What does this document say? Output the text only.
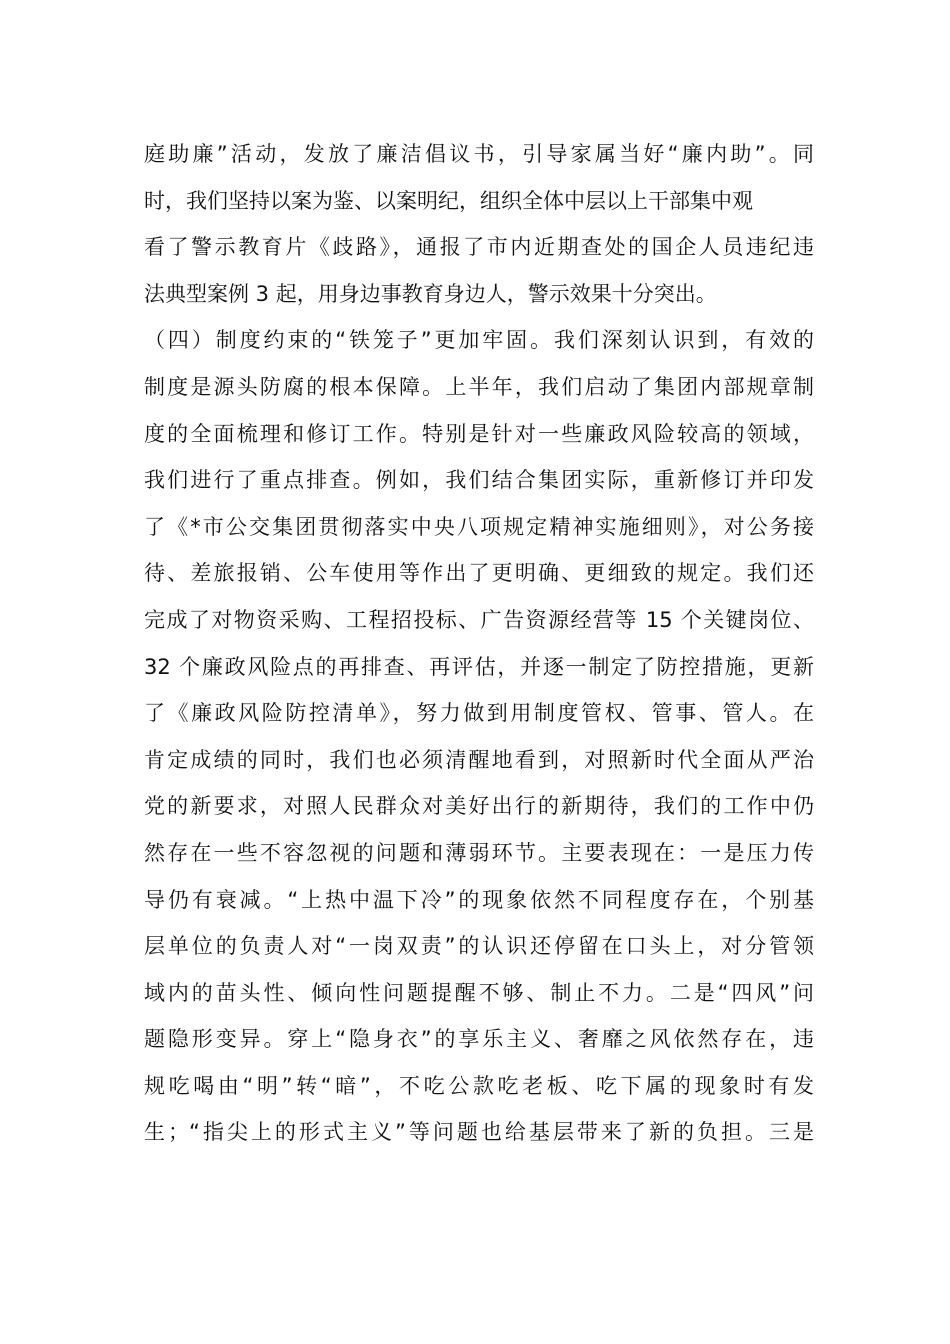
庭助廉”活动，发放了廉洁倡议书，引导家属当好“廉内助”。同
时，我们坚持以案为鉴、以案明纪，组织全体中层以上干部集中观
看了警示教育片《歧路》，通报了市内近期查处的国企人员违纪违
法典型案例 3 起，用身边事教育身边人，警示效果十分突出。
（四）制度约束的“铁笼子”更加牢固。我们深刻认识到，有效的
制度是源头防腐的根本保障。上半年，我们启动了集团内部规章制
度的全面梳理和修订工作。特别是针对一些廉政风险较高的领域，
我们进行了重点排查。例如，我们结合集团实际，重新修订并印发
了《*市公交集团贯彻落实中央八项规定精神实施细则》，对公务接
待、差旅报销、公车使用等作出了更明确、更细致的规定。我们还
完成了对物资采购、工程招投标、广告资源经营等 15 个关键岗位、
32 个廉政风险点的再排查、再评估，并逐一制定了防控措施，更新
了《廉政风险防控清单》，努力做到用制度管权、管事、管人。在
肯定成绩的同时，我们也必须清醒地看到，对照新时代全面从严治
党的新要求，对照人民群众对美好出行的新期待，我们的工作中仍
然存在一些不容忽视的问题和薄弱环节。主要表现在：一是压力传
导仍有衰减。“上热中温下冷”的现象依然不同程度存在，个别基
层单位的负责人对“一岗双责”的认识还停留在口头上，对分管领
域内的苗头性、倾向性问题提醒不够、制止不力。二是“四风”问
题隐形变异。穿上“隐身衣”的享乐主义、奢靡之风依然存在，违
规吃喝由“明”转“暗”，不吃公款吃老板、吃下属的现象时有发
生；“指尖上的形式主义”等问题也给基层带来了新的负担。三是
